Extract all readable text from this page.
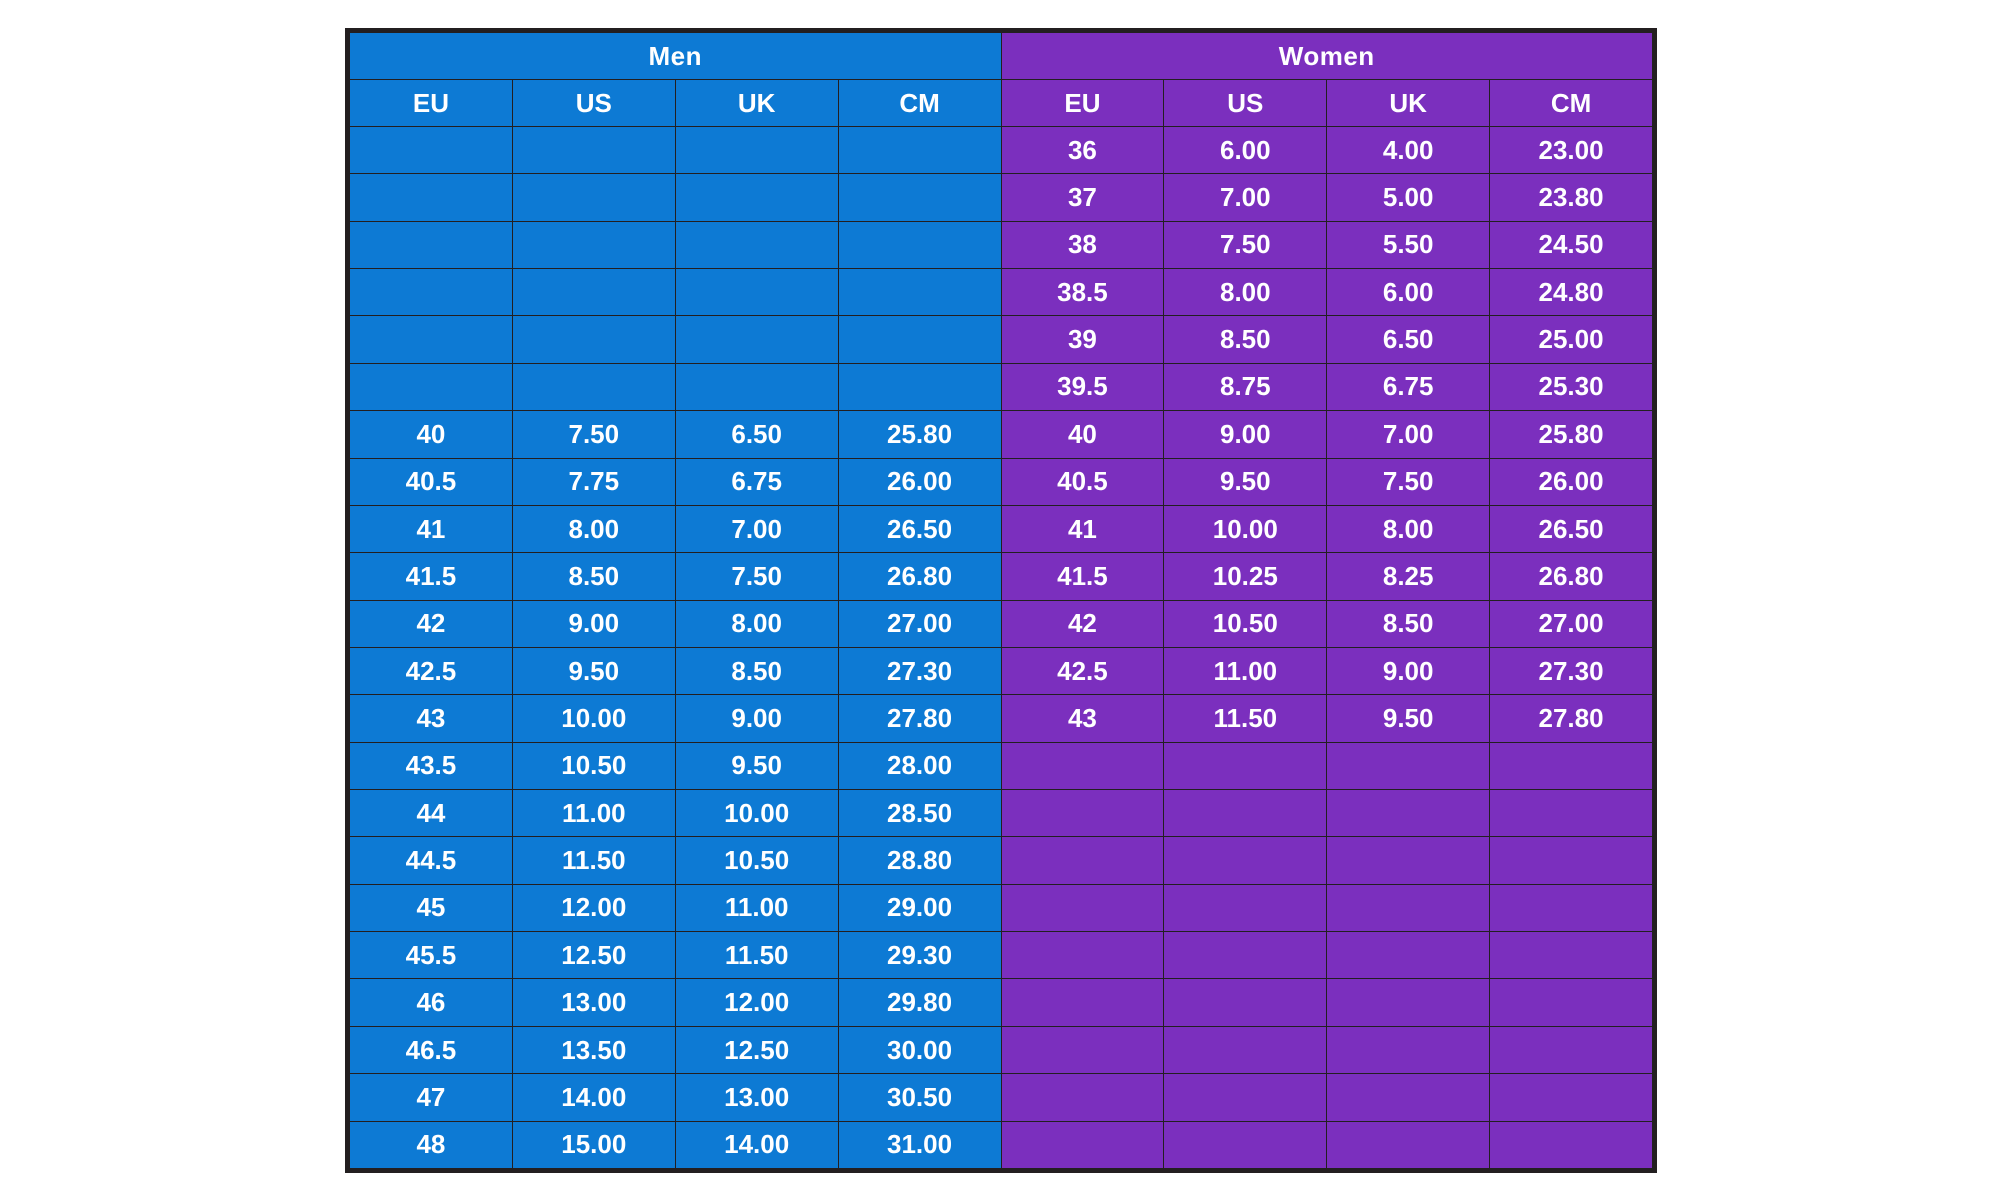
Men				Women			
EU	US	UK	CM	EU	US	UK	CM
				36	6.00	4.00	23.00
				37	7.00	5.00	23.80
				38	7.50	5.50	24.50
				38.5	8.00	6.00	24.80
				39	8.50	6.50	25.00
				39.5	8.75	6.75	25.30
40	7.50	6.50	25.80	40	9.00	7.00	25.80
40.5	7.75	6.75	26.00	40.5	9.50	7.50	26.00
41	8.00	7.00	26.50	41	10.00	8.00	26.50
41.5	8.50	7.50	26.80	41.5	10.25	8.25	26.80
42	9.00	8.00	27.00	42	10.50	8.50	27.00
42.5	9.50	8.50	27.30	42.5	11.00	9.00	27.30
43	10.00	9.00	27.80	43	11.50	9.50	27.80
43.5	10.50	9.50	28.00				
44	11.00	10.00	28.50				
44.5	11.50	10.50	28.80				
45	12.00	11.00	29.00				
45.5	12.50	11.50	29.30				
46	13.00	12.00	29.80				
46.5	13.50	12.50	30.00				
47	14.00	13.00	30.50				
48	15.00	14.00	31.00				
